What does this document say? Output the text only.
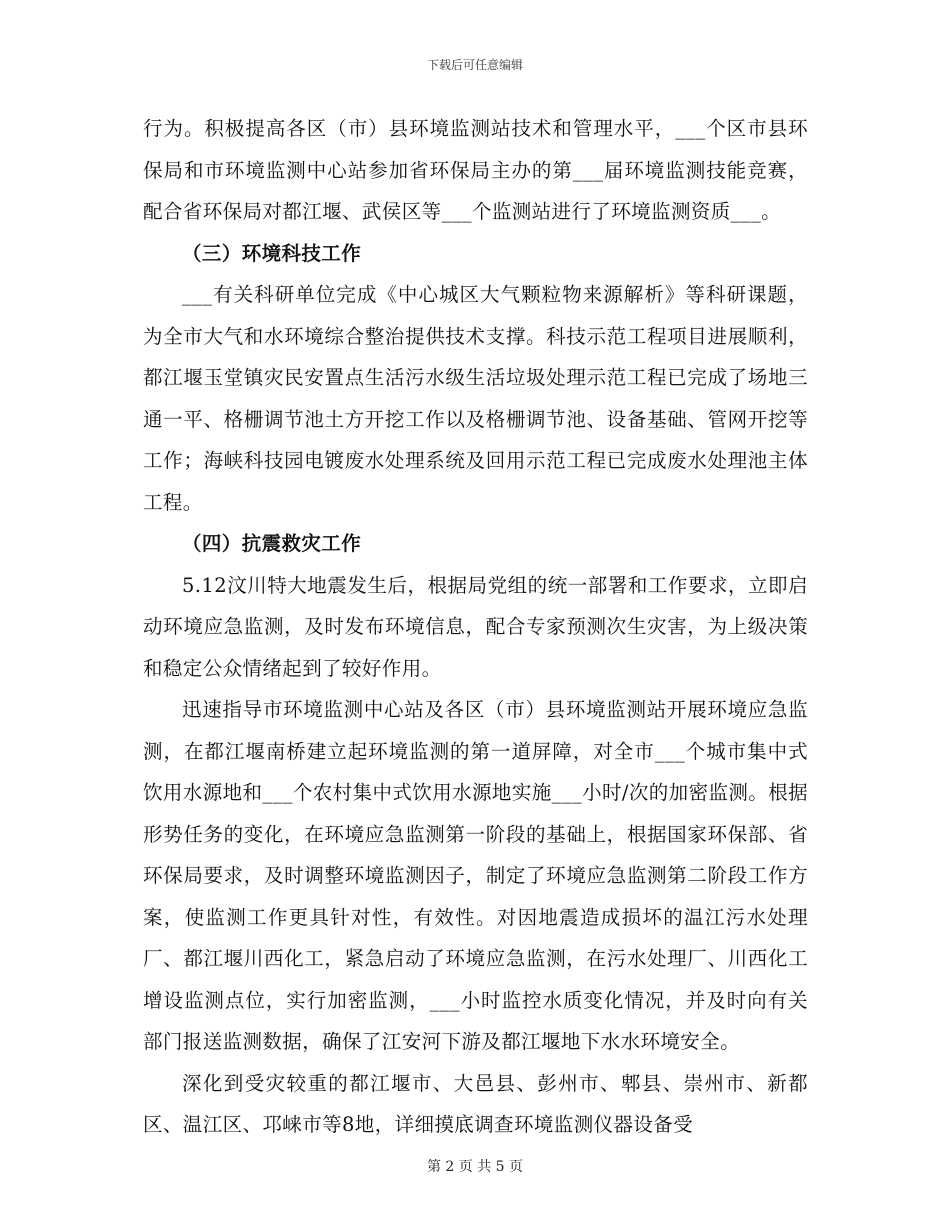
下载后可任意编辑

行为。积极提高各区（市）县环境监测站技术和管理水平，___个区市县环保局和市环境监测中心站参加省环保局主办的第___届环境监测技能竞赛，配合省环保局对都江堰、武侯区等___个监测站进行了环境监测资质___。

（三）环境科技工作

___有关科研单位完成《中心城区大气颗粒物来源解析》等科研课题，为全市大气和水环境综合整治提供技术支撑。科技示范工程项目进展顺利，都江堰玉堂镇灾民安置点生活污水级生活垃圾处理示范工程已完成了场地三通一平、格栅调节池土方开挖工作以及格栅调节池、设备基础、管网开挖等工作；海峡科技园电镀废水处理系统及回用示范工程已完成废水处理池主体工程。

（四）抗震救灾工作

5.12汶川特大地震发生后，根据局党组的统一部署和工作要求，立即启动环境应急监测，及时发布环境信息，配合专家预测次生灾害，为上级决策和稳定公众情绪起到了较好作用。

迅速指导市环境监测中心站及各区（市）县环境监测站开展环境应急监测，在都江堰南桥建立起环境监测的第一道屏障，对全市___个城市集中式饮用水源地和___个农村集中式饮用水源地实施___小时/次的加密监测。根据形势任务的变化，在环境应急监测第一阶段的基础上，根据国家环保部、省环保局要求，及时调整环境监测因子，制定了环境应急监测第二阶段工作方案，使监测工作更具针对性，有效性。对因地震造成损坏的温江污水处理厂、都江堰川西化工，紧急启动了环境应急监测，在污水处理厂、川西化工增设监测点位，实行加密监测，___小时监控水质变化情况，并及时向有关部门报送监测数据，确保了江安河下游及都江堰地下水水环境安全。

深化到受灾较重的都江堰市、大邑县、彭州市、郫县、崇州市、新都区、温江区、邛崃市等8地，详细摸底调查环境监测仪器设备受

第 2 页 共 5 页
